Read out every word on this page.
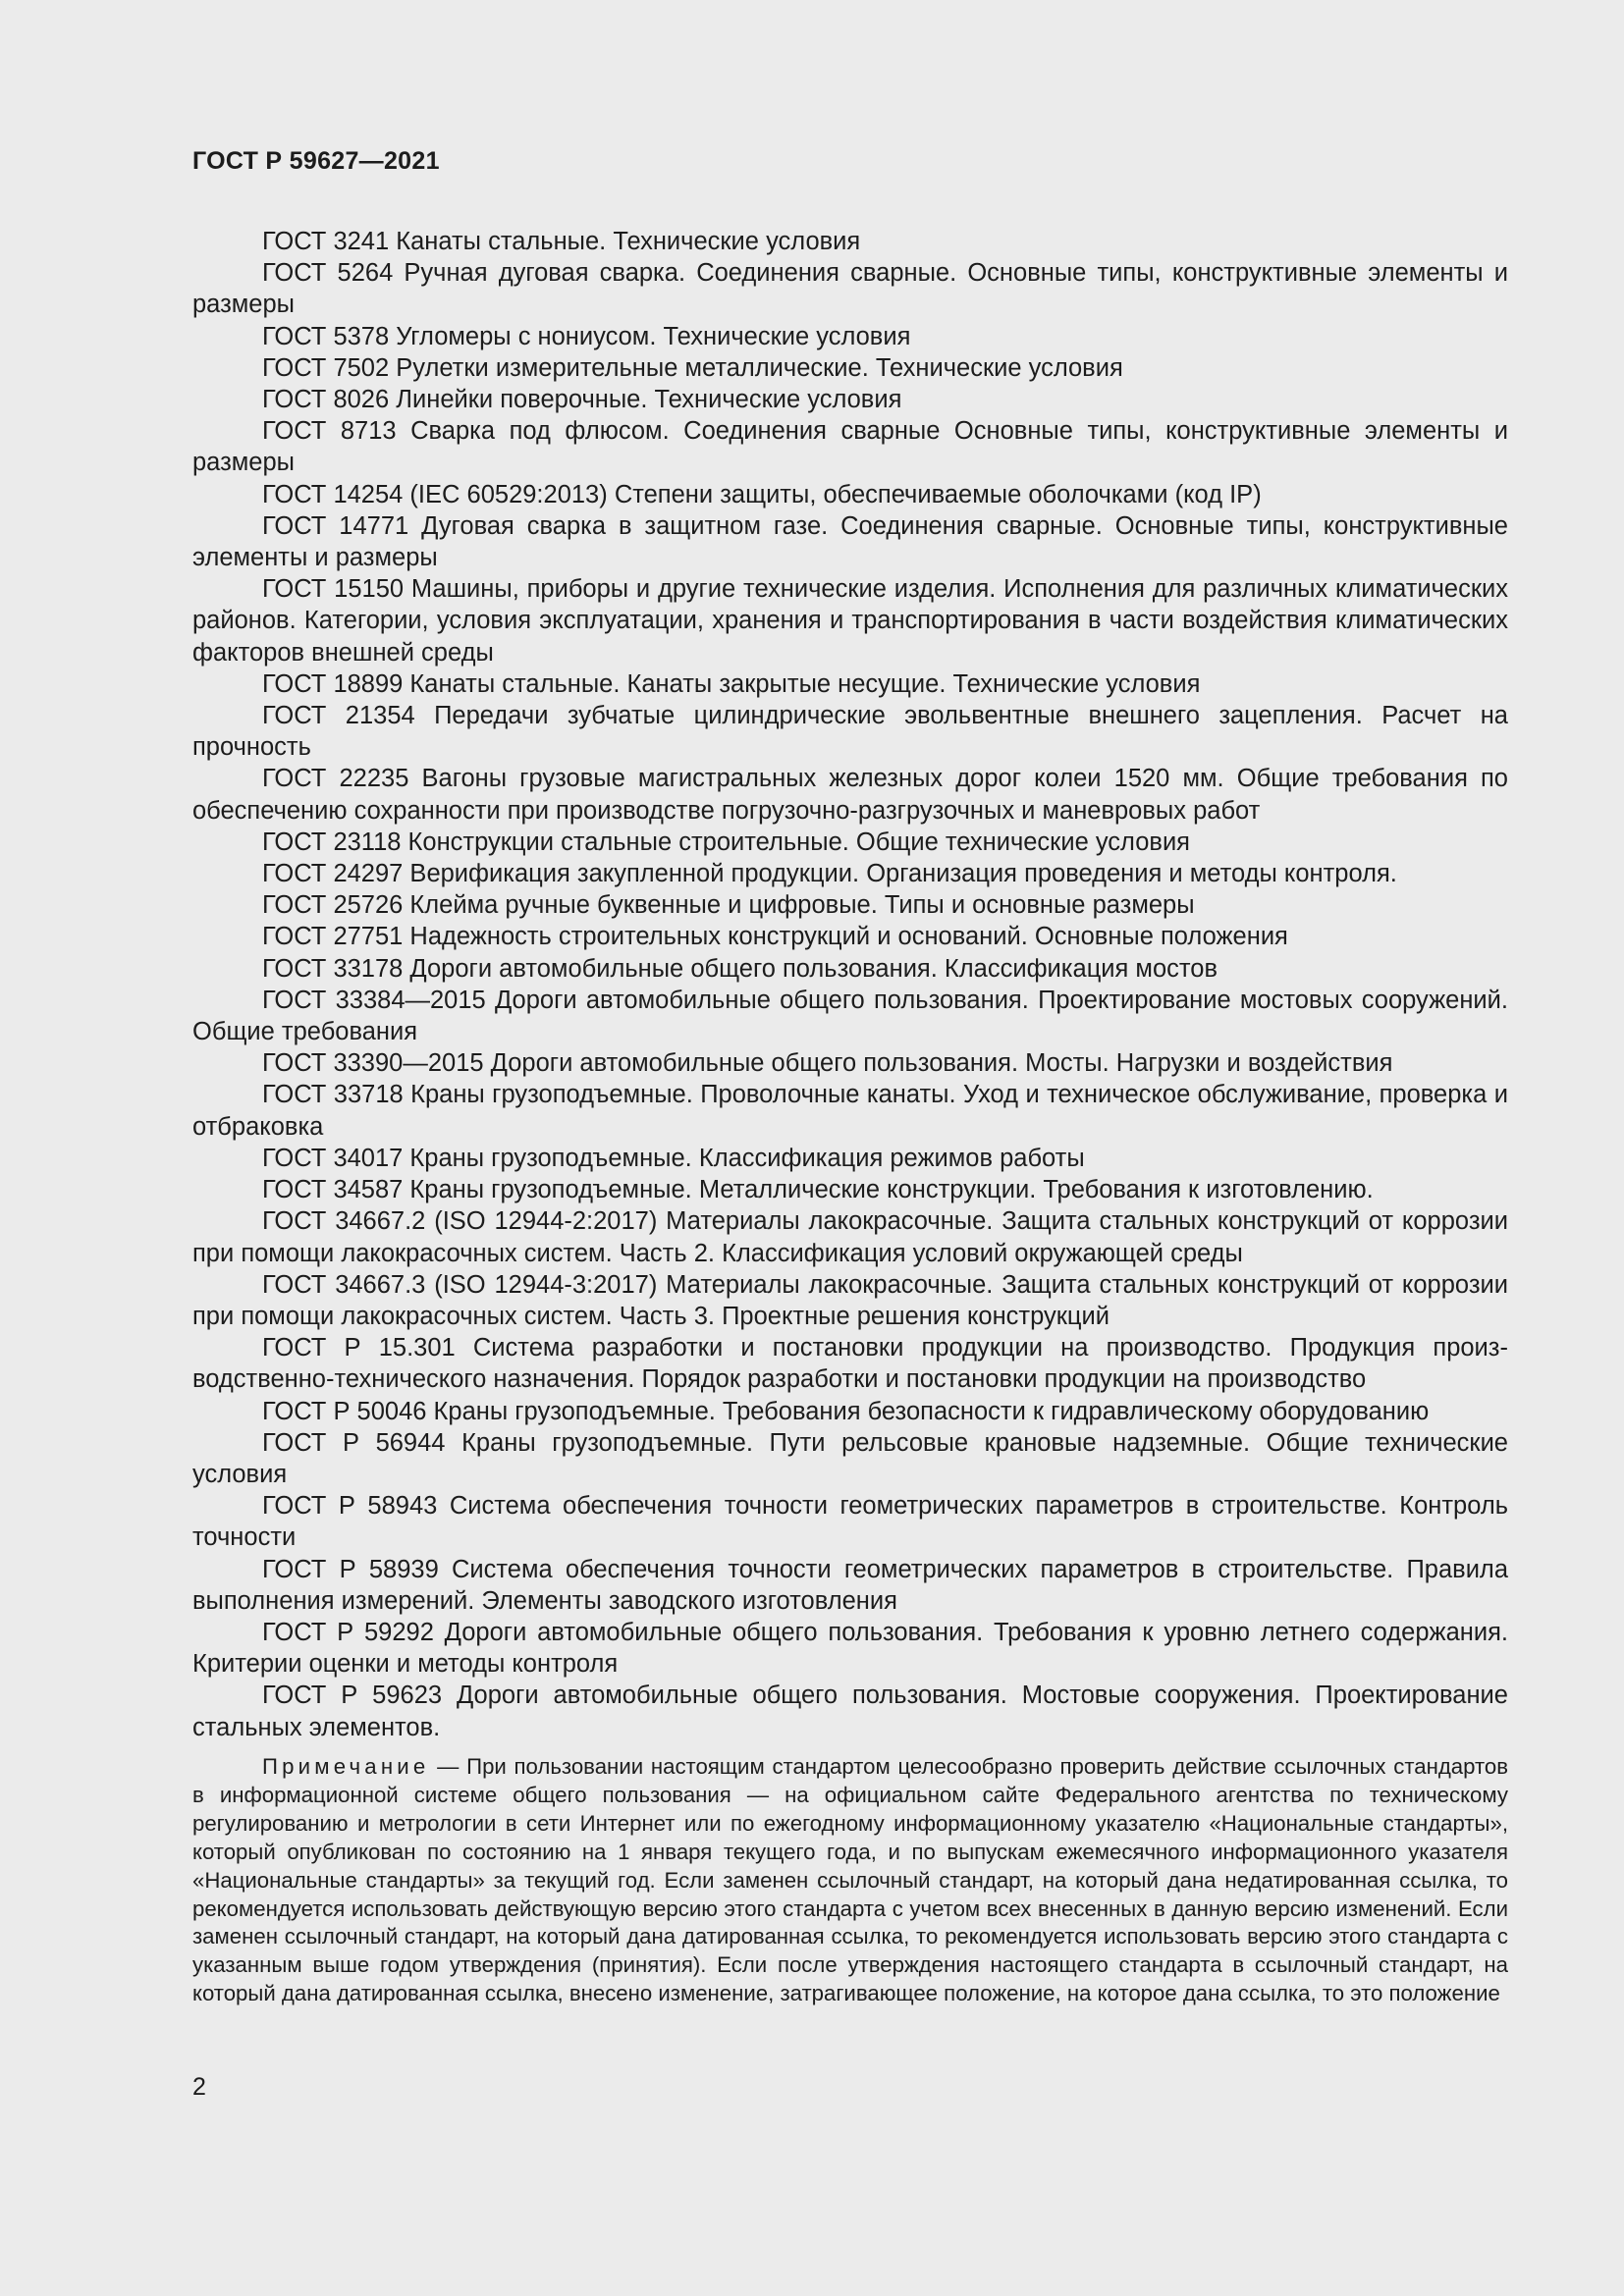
ГОСТ Р 59627—2021

ГОСТ 3241 Канаты стальные. Технические условия

ГОСТ 5264 Ручная дуговая сварка. Соединения сварные. Основные типы, конструктивные элементы и размеры

ГОСТ 5378 Угломеры с нониусом. Технические условия

ГОСТ 7502 Рулетки измерительные металлические. Технические условия

ГОСТ 8026 Линейки поверочные. Технические условия

ГОСТ 8713 Сварка под флюсом. Соединения сварные Основные типы, конструктивные элементы и размеры

ГОСТ 14254 (IEC 60529:2013) Степени защиты, обеспечиваемые оболочками (код IP)

ГОСТ 14771 Дуговая сварка в защитном газе. Соединения сварные. Основные типы, конструктивные элементы и размеры

ГОСТ 15150 Машины, приборы и другие технические изделия. Исполнения для различных климатических районов. Категории, условия эксплуатации, хранения и транспортирования в части воздействия климатических факторов внешней среды

ГОСТ 18899 Канаты стальные. Канаты закрытые несущие. Технические условия

ГОСТ 21354 Передачи зубчатые цилиндрические эвольвентные внешнего зацепления. Расчет на прочность

ГОСТ 22235 Вагоны грузовые магистральных железных дорог колеи 1520 мм. Общие требования по обеспечению сохранности при производстве погрузочно-разгрузочных и маневровых работ

ГОСТ 23118 Конструкции стальные строительные. Общие технические условия

ГОСТ 24297 Верификация закупленной продукции. Организация проведения и методы контроля.

ГОСТ 25726 Клейма ручные буквенные и цифровые. Типы и основные размеры

ГОСТ 27751 Надежность строительных конструкций и оснований. Основные положения

ГОСТ 33178 Дороги автомобильные общего пользования. Классификация мостов

ГОСТ 33384—2015 Дороги автомобильные общего пользования. Проектирование мостовых сооружений. Общие требования

ГОСТ 33390—2015 Дороги автомобильные общего пользования. Мосты. Нагрузки и воздействия

ГОСТ 33718 Краны грузоподъемные. Проволочные канаты. Уход и техническое обслуживание, проверка и отбраковка

ГОСТ 34017 Краны грузоподъемные. Классификация режимов работы

ГОСТ 34587 Краны грузоподъемные. Металлические конструкции. Требования к изготовлению.

ГОСТ 34667.2 (ISO 12944-2:2017) Материалы лакокрасочные. Защита стальных конструкций от коррозии при помощи лакокрасочных систем. Часть 2. Классификация условий окружающей среды

ГОСТ 34667.3 (ISO 12944-3:2017) Материалы лакокрасочные. Защита стальных конструкций от коррозии при помощи лакокрасочных систем. Часть 3. Проектные решения конструкций

ГОСТ Р 15.301 Система разработки и постановки продукции на производство. Продукция производственно-технического назначения. Порядок разработки и постановки продукции на производство

ГОСТ Р 50046 Краны грузоподъемные. Требования безопасности к гидравлическому оборудованию

ГОСТ Р 56944 Краны грузоподъемные. Пути рельсовые крановые надземные. Общие технические условия

ГОСТ Р 58943 Система обеспечения точности геометрических параметров в строительстве. Контроль точности

ГОСТ Р 58939 Система обеспечения точности геометрических параметров в строительстве. Правила выполнения измерений. Элементы заводского изготовления

ГОСТ Р 59292 Дороги автомобильные общего пользования. Требования к уровню летнего содержания. Критерии оценки и методы контроля

ГОСТ Р 59623 Дороги автомобильные общего пользования. Мостовые сооружения. Проектирование стальных элементов.

Примечание — При пользовании настоящим стандартом целесообразно проверить действие ссылочных стандартов в информационной системе общего пользования — на официальном сайте Федерального агентства по техническому регулированию и метрологии в сети Интернет или по ежегодному информационному указателю «Национальные стандарты», который опубликован по состоянию на 1 января текущего года, и по выпускам ежемесячного информационного указателя «Национальные стандарты» за текущий год. Если заменен ссылочный стандарт, на который дана недатированная ссылка, то рекомендуется использовать действующую версию этого стандарта с учетом всех внесенных в данную версию изменений. Если заменен ссылочный стандарт, на который дана датированная ссылка, то рекомендуется использовать версию этого стандарта с указанным выше годом утверждения (принятия). Если после утверждения настоящего стандарта в ссылочный стандарт, на который дана датированная ссылка, внесено изменение, затрагивающее положение, на которое дана ссылка, то это положение

2
